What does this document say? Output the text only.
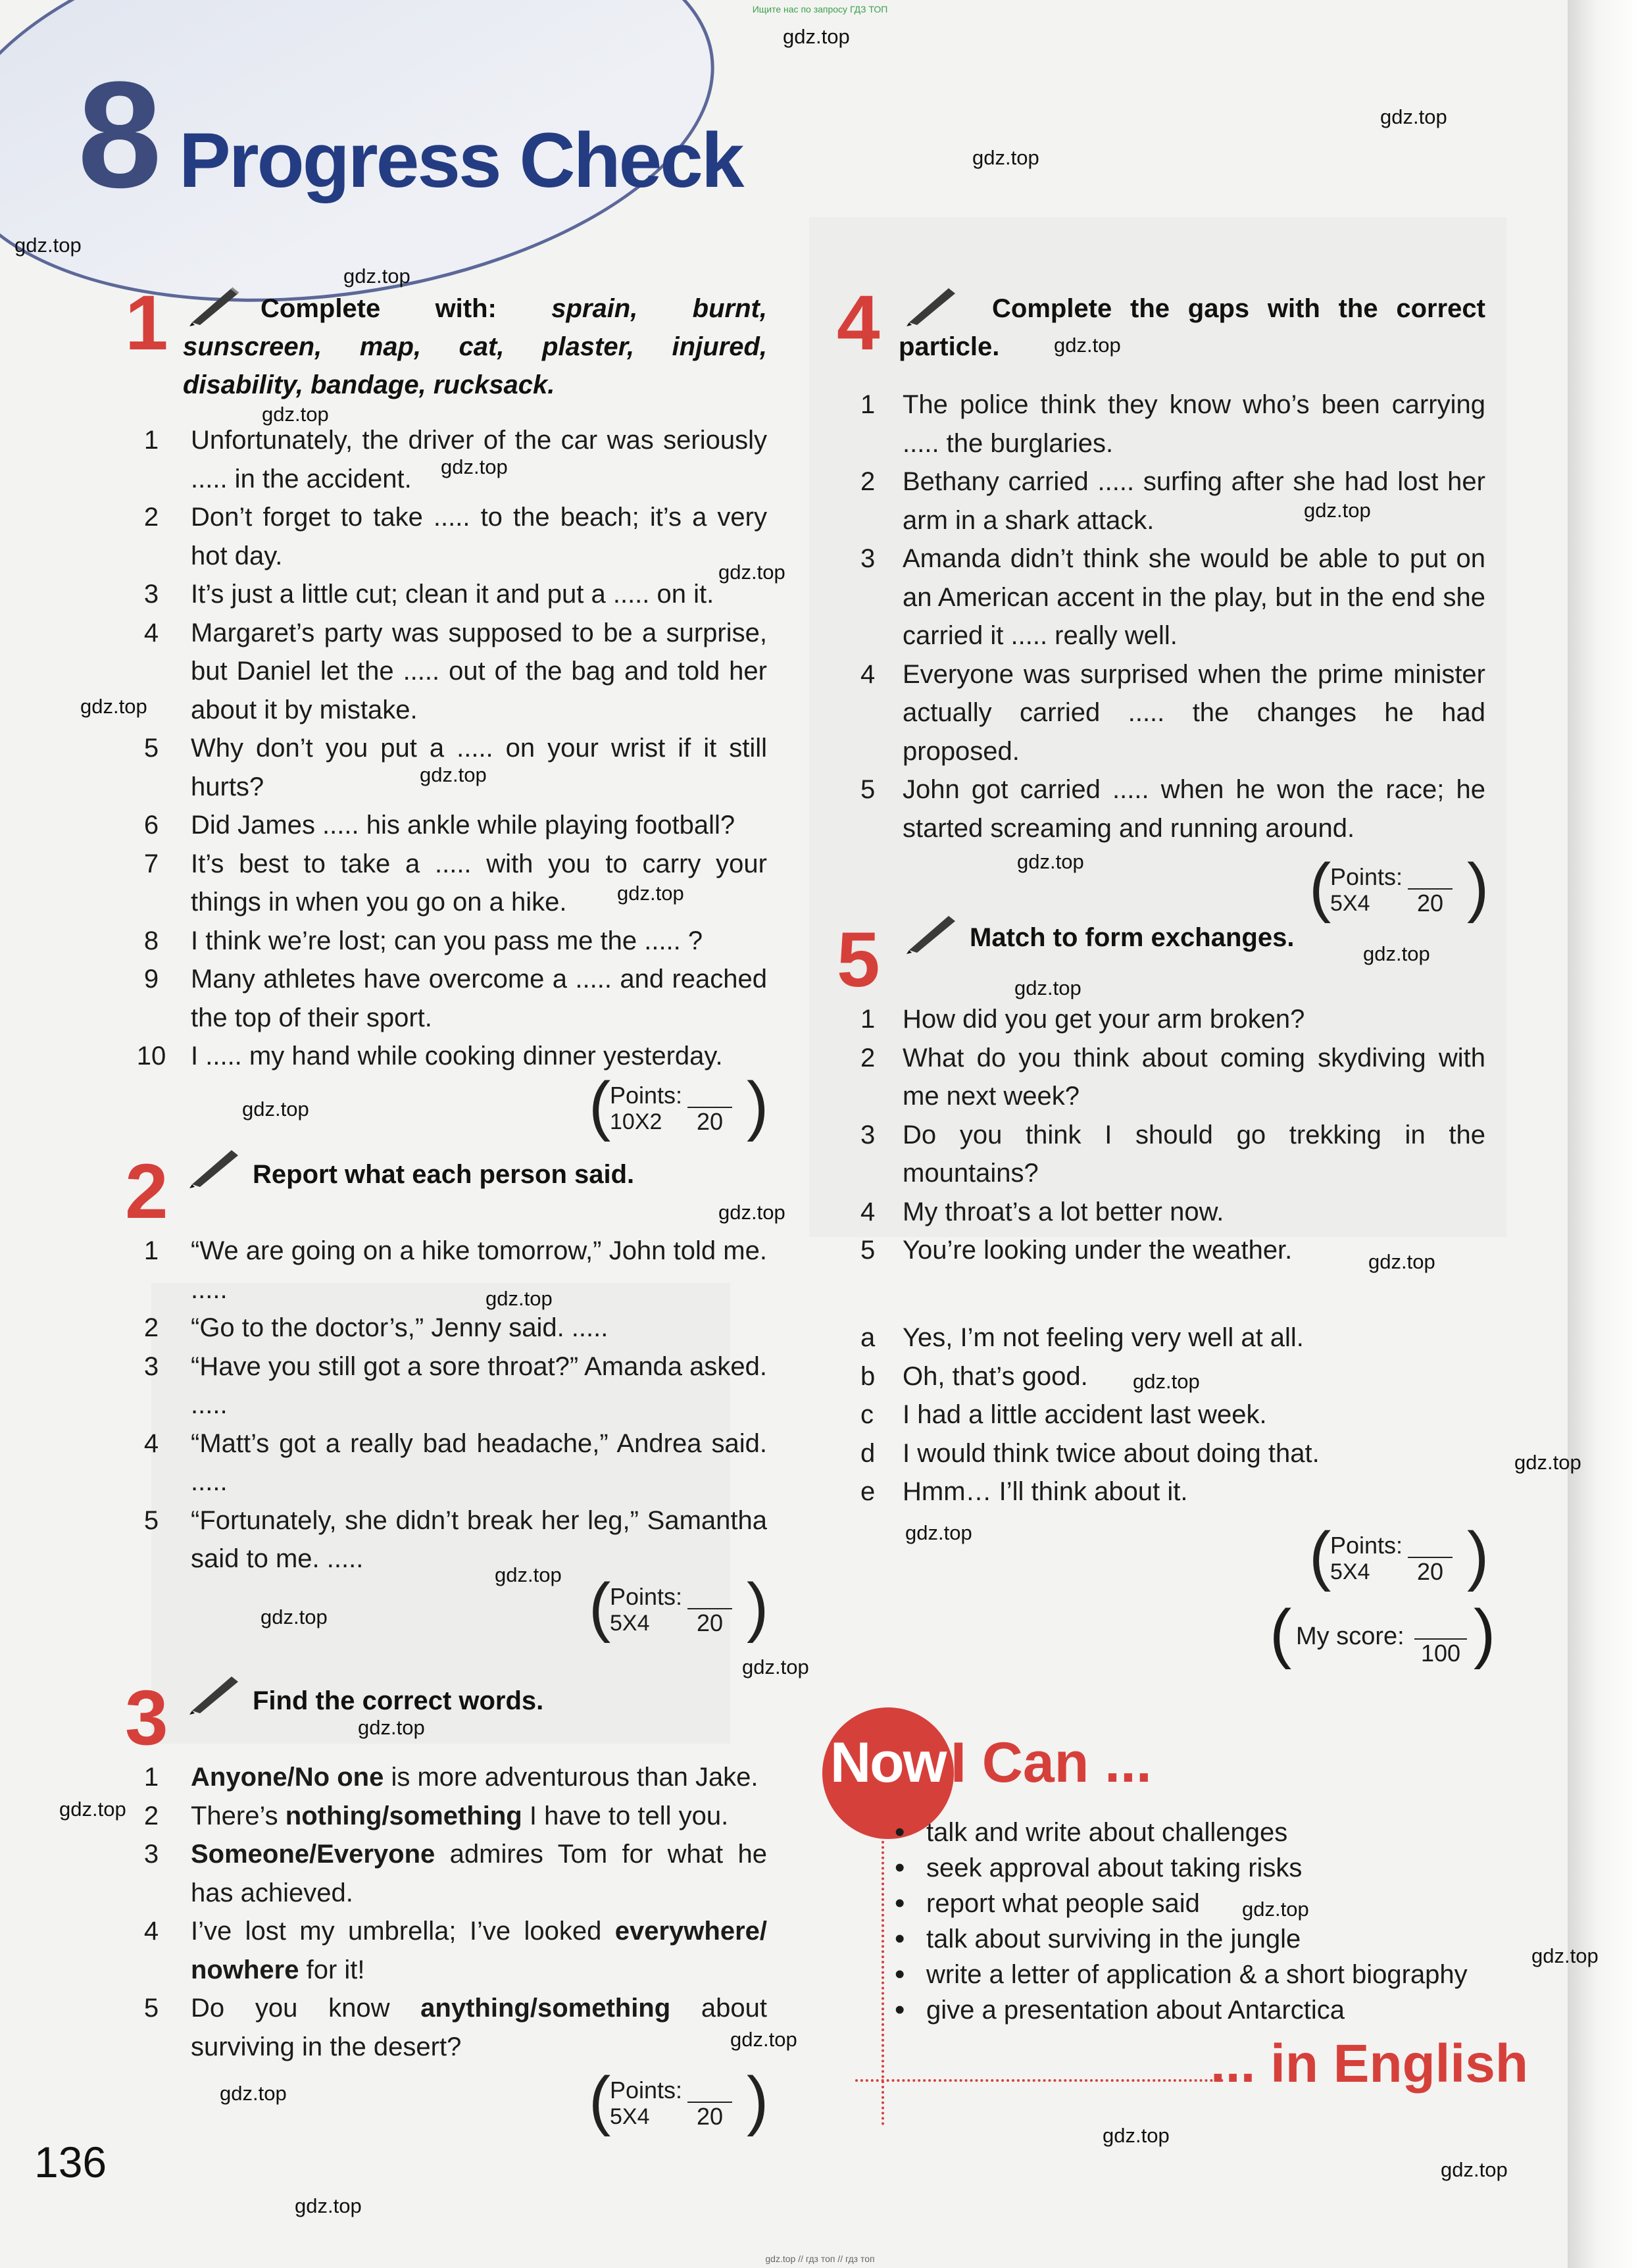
Ищите нас по запросу ГДЗ ТОП
8 Progress Check
gdz.top
gdz.top
gdz.top
gdz.top
gdz.top
gdz.top
gdz.top
gdz.top
gdz.top
gdz.top
gdz.top
gdz.top
gdz.top
gdz.top
gdz.top
gdz.top
gdz.top
gdz.top
gdz.top
gdz.top
gdz.top
gdz.top
gdz.top
gdz.top
gdz.top
gdz.top
gdz.top
gdz.top
gdz.top
gdz.top
gdz.top
gdz.top
gdz.top
gdz.top
gdz.top
1	Complete with: sprain, burnt, sunscreen, map, cat, plaster, injured, disability, bandage, rucksack.
1	Unfortunately, the driver of the car was seriously ..... in the accident.
2	Don’t forget to take ..... to the beach; it’s a very hot day.
3	It’s just a little cut; clean it and put a ..... on it.
4	Margaret’s party was supposed to be a surprise, but Daniel let the ..... out of the bag and told her about it by mistake.
5	Why don’t you put a ..... on your wrist if it still hurts?
6	Did James ..... his ankle while playing football?
7	It’s best to take a ..... with you to carry your things in when you go on a hike.
8	I think we’re lost; can you pass me the ..... ?
9	Many athletes have overcome a ..... and reached the top of their sport.
10 I ..... my hand while cooking dinner yesterday.
(
Points:
10X2	20 )
2	Report what each person said.
1	“We are going on a hike tomorrow,” John told me. .....
2	“Go to the doctor’s,” Jenny said. .....
3	“Have you still got a sore throat?” Amanda asked. .....
4	“Matt’s got a really bad headache,” Andrea said. .....
5	“Fortunately, she didn’t break her leg,” Samantha said to me. .....
(
Points:
5X4	20 )
3	Find the correct words.
1	Anyone/No one is more adventurous than Jake.
2	There’s nothing/something I have to tell you.
3	Someone/Everyone admires Tom for what he has achieved.
4	I’ve lost my umbrella; I’ve looked everywhere/ nowhere for it!
5	Do you know anything/something about surviving in the desert?
(
Points:
5X4	20 )
136
4	Complete the gaps with the correct particle.
1	The police think they know who’s been carrying ..... the burglaries.
2	Bethany carried ..... surfing after she had lost her arm in a shark attack.
3	Amanda didn’t think she would be able to put on an American accent in the play, but in the end she carried it ..... really well.
4	Everyone was surprised when the prime minister actually carried ..... the changes he had proposed.
5	John got carried ..... when he won the race; he started screaming and running around.
(
Points:
5X4	20 )
5	Match to form exchanges.
1	How did you get your arm broken?
2	What do you think about coming skydiving with me next week?
3	Do you think I should go trekking in the mountains?
4	My throat’s a lot better now.
5	You’re looking under the weather.
a	Yes, I’m not feeling very well at all.
b	Oh, that’s good.
c	I had a little accident last week.
d	I would think twice about doing that.
e	Hmm… I’ll think about it.
(
Points:
5X4	20 )
( My score:
100 )
Now I Can ...
• talk and write about challenges
• seek approval about taking risks
• report what people said
• talk about surviving in the jungle
• write a letter of application & a short biography
• give a presentation about Antarctica
... in English
gdz.top // гдз топ // гдз топ
